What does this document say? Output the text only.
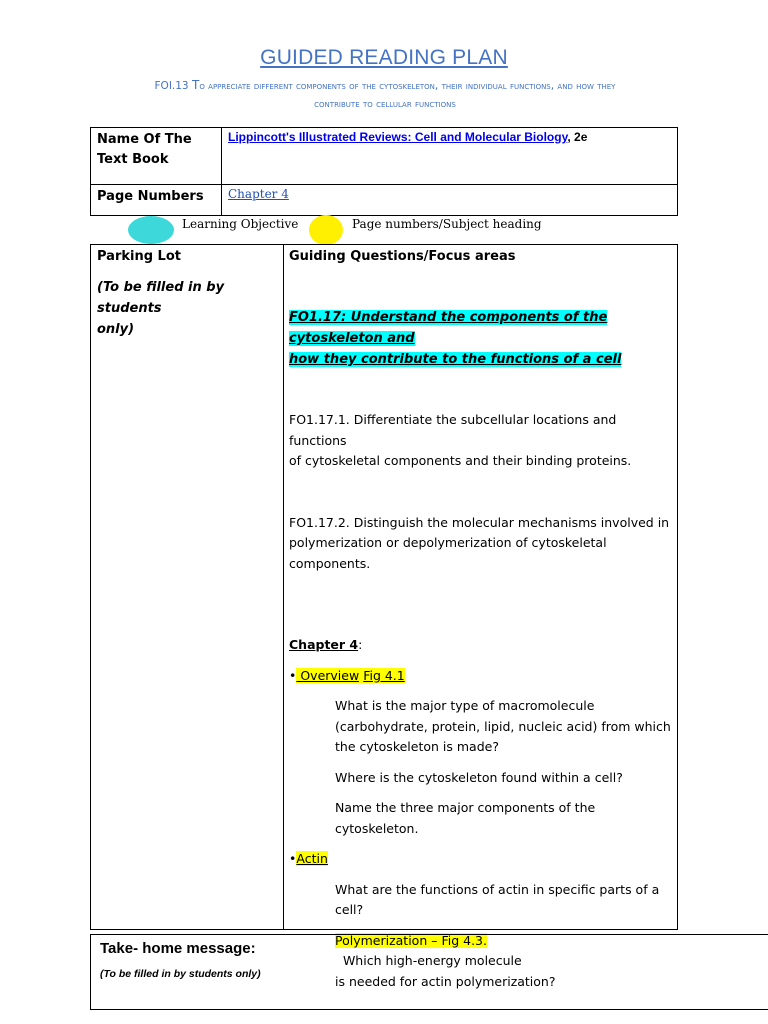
GUIDED READING PLAN
FOI.13 To appreciate different components of the cytoskeleton, their individual functions, and how they
contribute to cellular functions
Name Of The
Text Book	Lippincott's Illustrated Reviews: Cell and Molecular Biology, 2e
Page Numbers	Chapter 4
Learning Objective	Page numbers/Subject heading
Parking Lot
(To be filled in by students
only)
Guiding Questions/Focus areas
FO1.17: Understand the components of the cytoskeleton and
how they contribute to the functions of a cell

FO1.17.1. Differentiate the subcellular locations and functions
of cytoskeletal components and their binding proteins.

FO1.17.2. Distinguish the molecular mechanisms involved in
polymerization or depolymerization of cytoskeletal
components.

Chapter 4:

• Overview Fig 4.1

What is the major type of macromolecule
(carbohydrate, protein, lipid, nucleic acid) from which
the cytoskeleton is made?

Where is the cytoskeleton found within a cell?

Name the three major components of the
cytoskeleton.

•Actin

What are the functions of actin in specific parts of a
cell?

Polymerization – Fig 4.3.  Which high-energy molecule
is needed for actin polymerization?

Take- home message:
(To be filled in by students only)
